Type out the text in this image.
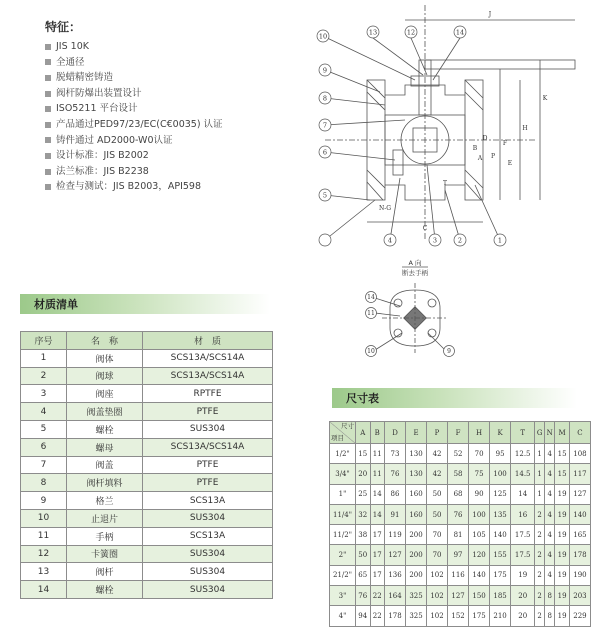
特征：
JIS 10K
全通径
脱蜡精密铸造
阀杆防爆出装置设计
ISO5211 平台设计
产品通过PED97/23/EC(C€0035) 认证
铸件通过 AD2000-W0认证
设计标准：JIS B2002
法兰标准：JIS B2238
检查与测试：JIS B2003，API598
13	12	14
10
9
8
7
6
5
4	3	2	1
N-G
C
T
J
K
H
F
P
E
D
B
A
A 向
断去手柄
14
11
10	9
材质清单
序号	名　称	材　质
1	阀体	SCS13A/SCS14A
2	阀球	SCS13A/SCS14A
3	阀座	RPTFE
4	阀盖垫圈	PTFE
5	螺栓	SUS304
6	螺母	SCS13A/SCS14A
7	阀盖	PTFE
8	阀杆填料	PTFE
9	格兰	SCS13A
10	止退片	SUS304
11	手柄	SCS13A
12	卡簧圈	SUS304
13	阀杆	SUS304
14	螺栓	SUS304
尺寸表
尺寸
项目	A	B	D	E	P	F	H	K	T	G	N	M	C
1/2"	15	11	73	130	42	52	70	95	12.5	1	4	15	108
3/4"	20	11	76	130	42	58	75	100	14.5	1	4	15	117
1"	25	14	86	160	50	68	90	125	14	1	4	19	127
11/4"	32	14	91	160	50	76	100	135	16	2	4	19	140
11/2"	38	17	119	200	70	81	105	140	17.5	2	4	19	165
2"	50	17	127	200	70	97	120	155	17.5	2	4	19	178
21/2"	65	17	136	200	102	116	140	175	19	2	4	19	190
3"	76	22	164	325	102	127	150	185	20	2	8	19	203
4"	94	22	178	325	102	152	175	210	20	2	8	19	229
